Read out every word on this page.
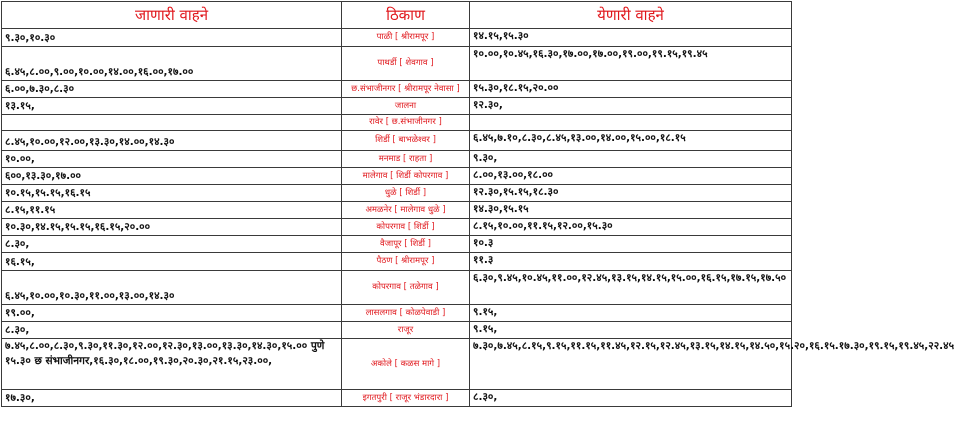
जाणारी वाहने	ठिकाण	येणारी वाहने
९.३०,१०.३०	पाळी [ श्रीरामपूर ]	१४.१५,१५.३०
६.४५,८.००,९.००,१०.००,१४.००,१६.००,१७.००	पाथर्डी [ शेवगाव ]	१०.००,१०.४५,१६.३०,१७.००,१७.००,१९.००,१९.१५,१९.४५
६.००,७.३०,८.३०	छ.संभाजीनगर [ श्रीरामपूर नेवासा ]	१५.३०,१८.१५,२०.००
१३.१५,	जालना	१२.३०,
	रावेर [ छ.संभाजीनगर ]	
८.४५,१०.००,१२.००,१३.३०,१४.००,१४.३०	शिर्डी [ बाभळेश्वर ]	६.४५,७.१०,८.३०,८.४५,१३.००,१४.००,१५.००,१८.१५
१०.००,	मनमाड [ राहता ]	९.३०,
६००,१३.३०,१७.००	मालेगाव [ शिर्डी कोपरगाव ]	८.००,१३.००,१८.००
१०.१५,१५.१५,१६.१५	धुळे [ शिर्डी ]	१२.३०,१५.१५,१८.३०
८.१५,११.१५	अमळनेर [ मालेगाव धुळे ]	१४.३०,१५.१५
१०.३०,१४.१५,१५.१५,१६.१५,२०.००	कोपरगाव [ शिर्डी ]	८.१५,१०.००,११.१५,१२.००,१५.३०
८.३०,	वैजापूर [ शिर्डी ]	१०.३
१६.१५,	पैठण [ श्रीरामपूर ]	११.३
६.४५,१०.००,१०.३०,११.००,१३.००,१४.३०	कोपरगाव [ तळेगाव ]	६.३०,९.४५,१०.४५,११.००,१२.४५,१३.१५,१४.१५,१५.००,१६.१५,१७.१५,१७.५०
१९.००,	लासलगाव [ कोळपेवाडी ]	९.१५,
८.३०,	राजूर	९.१५,
७.४५,८.००,८.३०,९.३०,११.३०,१२.००,१२.३०,१३.००,१३.३०,१४.३०,१५.०० पुणे १५.३० छ संभाजीनगर,१६.३०,१८.००,१९.३०,२०.३०,२१.१५,२३.००,	अकोले [ कळस मागे ]	७.३०,७.४५,८.१५,९.१५,११.१५,११.४५,१२.१५,१२.४५,१३.१५,१४.१५,१४.५०,१५.२०,१६.१५.१७.३०,१९.१५,१९.४५,२२.४५
१७.३०,	इगतपुरी [ राजूर भंडारदारा ]	८.३०,
